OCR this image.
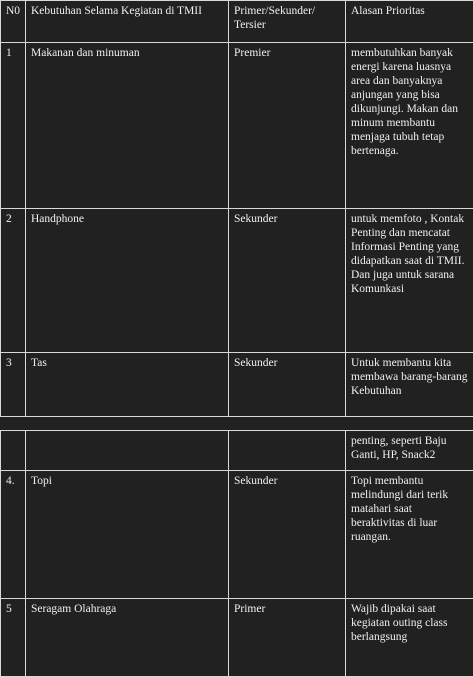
N0	Kebutuhan Selama Kegiatan di TMII	Primer/Sekunder/ Tersier	Alasan Prioritas
1	Makanan dan minuman	Premier	membutuhkan banyak energi karena luasnya area dan banyaknya anjungan yang bisa dikunjungi. Makan dan minum membantu menjaga tubuh tetap bertenaga.
2	Handphone	Sekunder	untuk memfoto , Kontak Penting dan mencatat Informasi Penting yang didapatkan saat di TMII. Dan juga untuk sarana Komunkasi
3	Tas	Sekunder	Untuk membantu kita membawa barang-barang Kebutuhan
			penting, seperti Baju Ganti, HP, Snack2
4.	Topi	Sekunder	Topi membantu melindungi dari terik matahari saat beraktivitas di luar ruangan.
5	Seragam Olahraga	Primer	Wajib dipakai saat kegiatan outing class berlangsung
